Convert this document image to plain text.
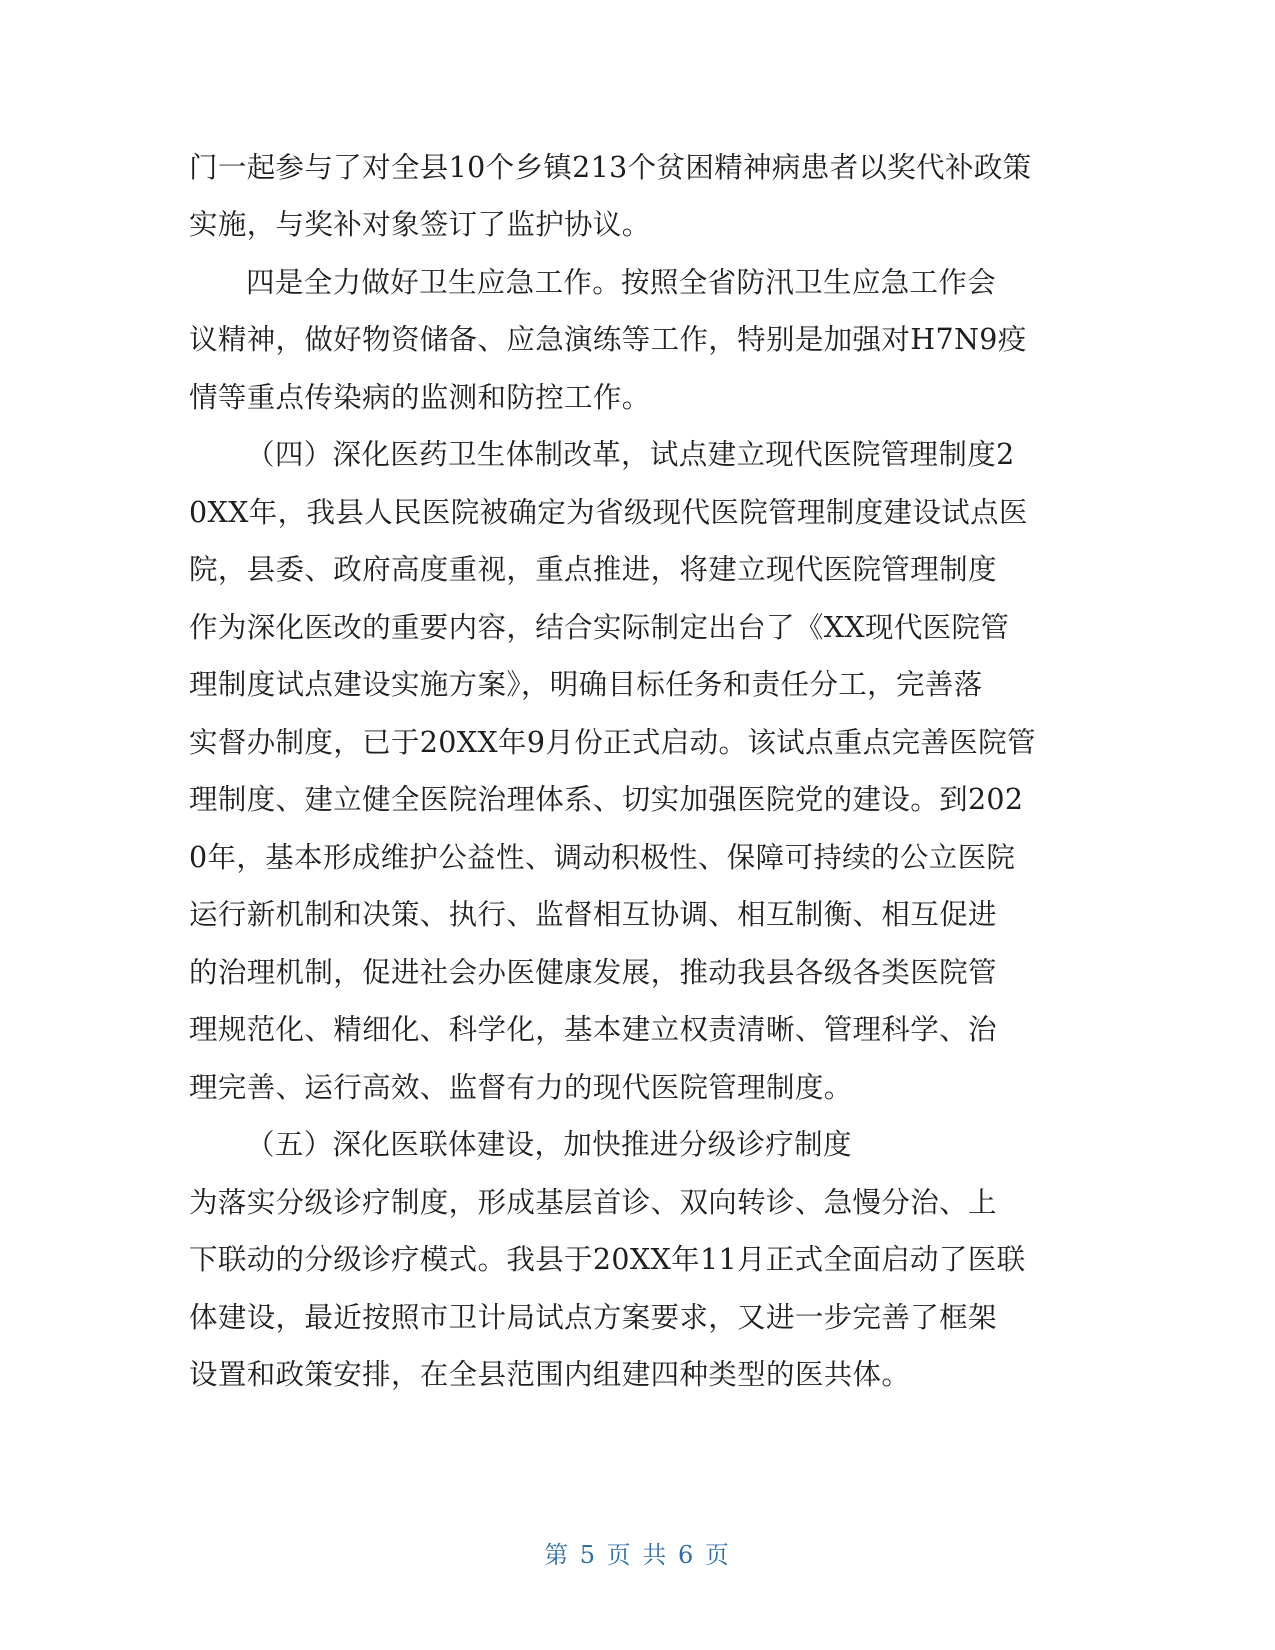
门一起参与了对全县10个乡镇213个贫困精神病患者以奖代补政策
实施，与奖补对象签订了监护协议。
四是全力做好卫生应急工作。按照全省防汛卫生应急工作会
议精神，做好物资储备、应急演练等工作，特别是加强对H7N9疫
情等重点传染病的监测和防控工作。
（四）深化医药卫生体制改革，试点建立现代医院管理制度2
0XX年，我县人民医院被确定为省级现代医院管理制度建设试点医
院，县委、政府高度重视，重点推进，将建立现代医院管理制度
作为深化医改的重要内容，结合实际制定出台了《XX现代医院管
理制度试点建设实施方案》，明确目标任务和责任分工，完善落
实督办制度，已于20XX年9月份正式启动。该试点重点完善医院管
理制度、建立健全医院治理体系、切实加强医院党的建设。到202
0年，基本形成维护公益性、调动积极性、保障可持续的公立医院
运行新机制和决策、执行、监督相互协调、相互制衡、相互促进
的治理机制，促进社会办医健康发展，推动我县各级各类医院管
理规范化、精细化、科学化，基本建立权责清晰、管理科学、治
理完善、运行高效、监督有力的现代医院管理制度。
（五）深化医联体建设，加快推进分级诊疗制度
为落实分级诊疗制度，形成基层首诊、双向转诊、急慢分治、上
下联动的分级诊疗模式。我县于20XX年11月正式全面启动了医联
体建设，最近按照市卫计局试点方案要求，又进一步完善了框架
设置和政策安排，在全县范围内组建四种类型的医共体。
第 5 页 共 6 页
